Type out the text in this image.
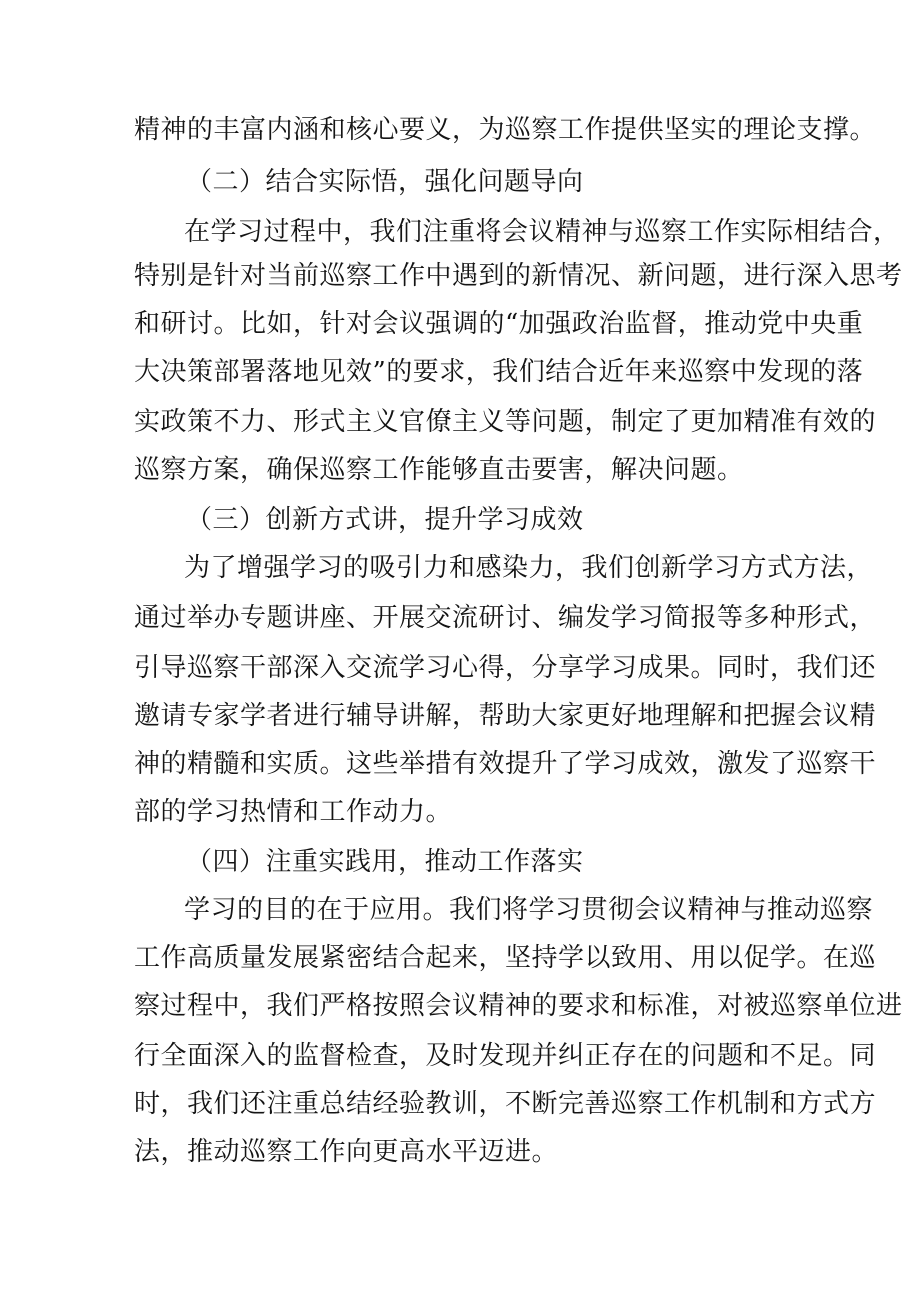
精神的丰富内涵和核心要义，为巡察工作提供坚实的理论支撑。
（二）结合实际悟，强化问题导向
在学习过程中，我们注重将会议精神与巡察工作实际相结合，
特别是针对当前巡察工作中遇到的新情况、新问题，进行深入思考
和研讨。比如，针对会议强调的“加强政治监督，推动党中央重
大决策部署落地见效”的要求，我们结合近年来巡察中发现的落
实政策不力、形式主义官僚主义等问题，制定了更加精准有效的
巡察方案，确保巡察工作能够直击要害，解决问题。
（三）创新方式讲，提升学习成效
为了增强学习的吸引力和感染力，我们创新学习方式方法，
通过举办专题讲座、开展交流研讨、编发学习简报等多种形式，
引导巡察干部深入交流学习心得，分享学习成果。同时，我们还
邀请专家学者进行辅导讲解，帮助大家更好地理解和把握会议精
神的精髓和实质。这些举措有效提升了学习成效，激发了巡察干
部的学习热情和工作动力。
（四）注重实践用，推动工作落实
学习的目的在于应用。我们将学习贯彻会议精神与推动巡察
工作高质量发展紧密结合起来，坚持学以致用、用以促学。在巡
察过程中，我们严格按照会议精神的要求和标准，对被巡察单位进
行全面深入的监督检查，及时发现并纠正存在的问题和不足。同
时，我们还注重总结经验教训，不断完善巡察工作机制和方式方
法，推动巡察工作向更高水平迈进。
